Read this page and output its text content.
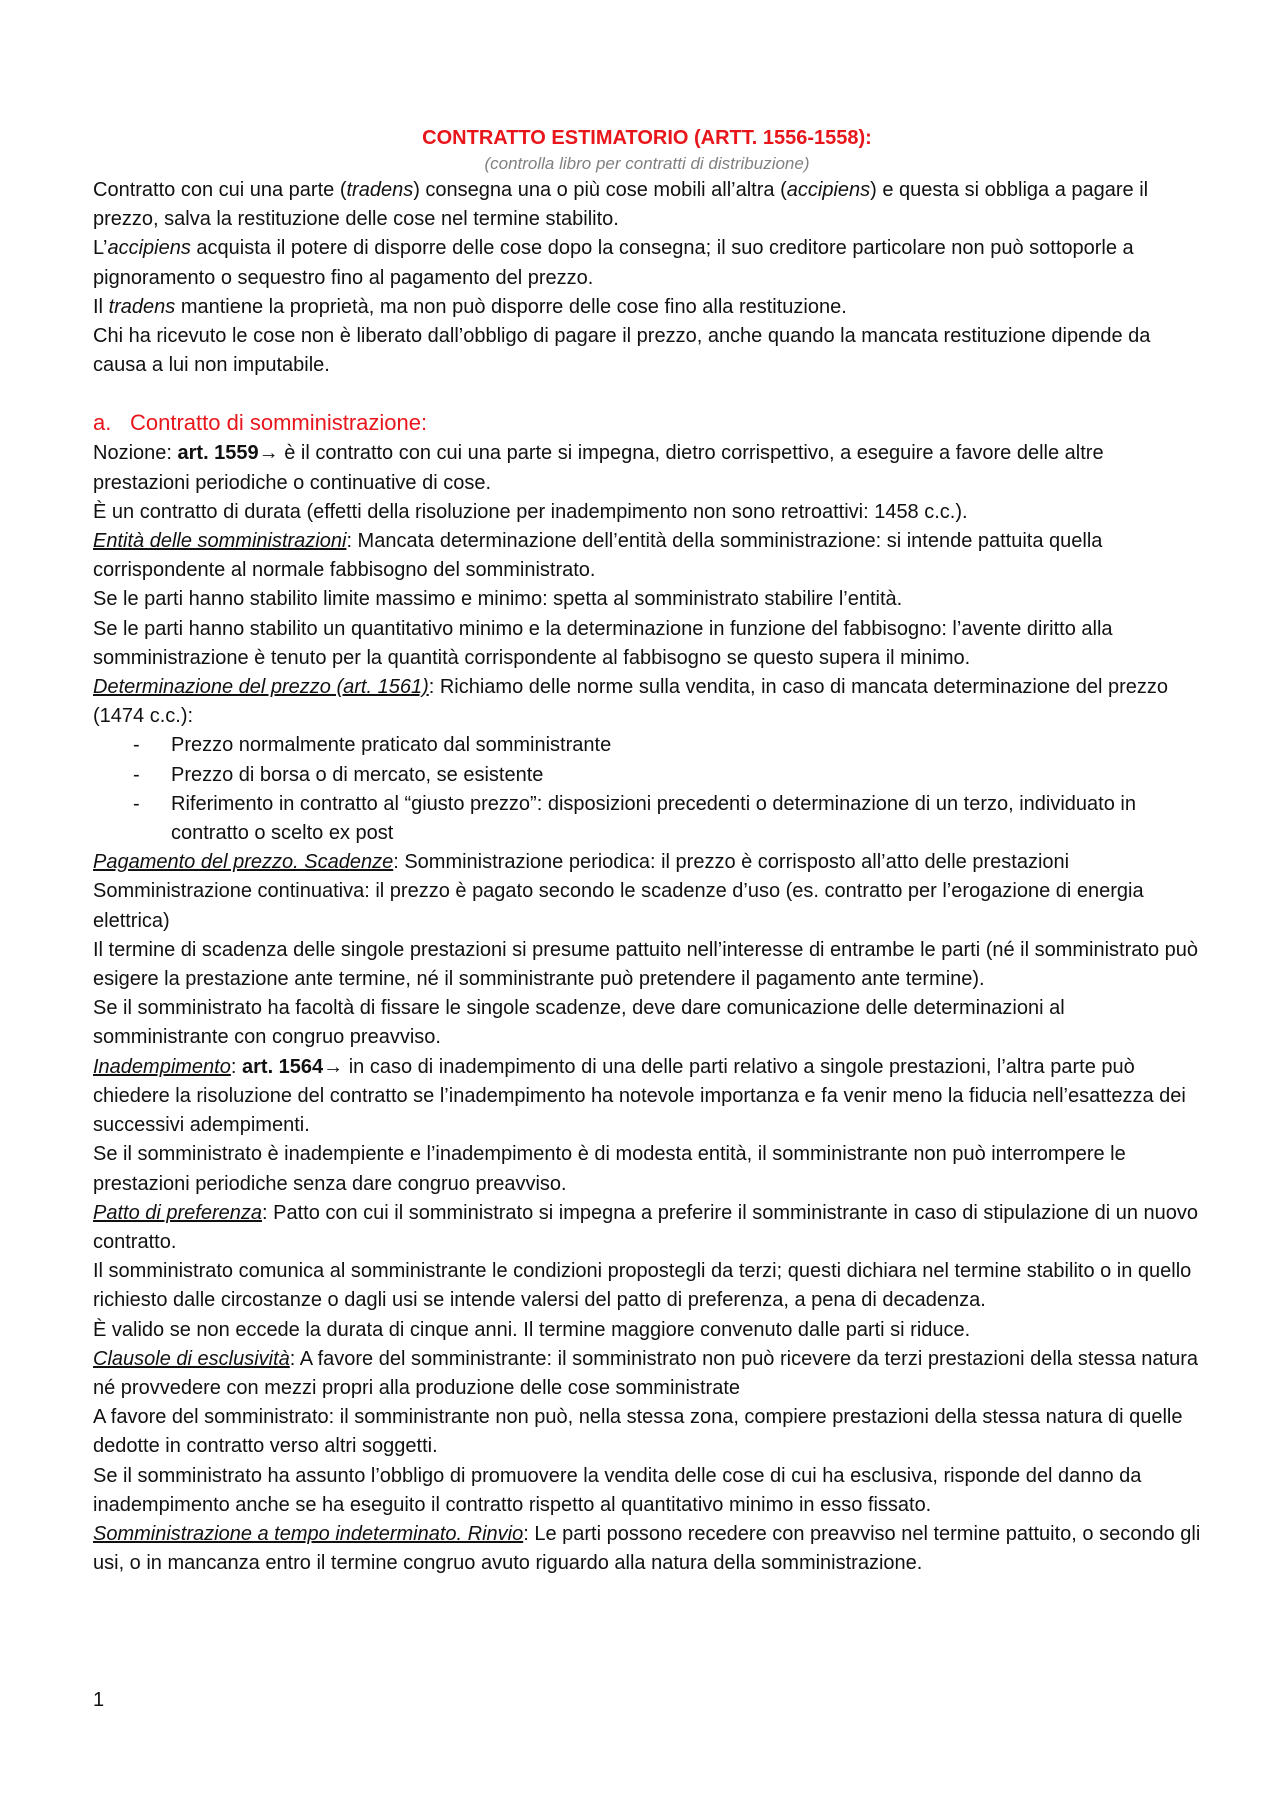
CONTRATTO ESTIMATORIO (ARTT. 1556-1558):
(controlla libro per contratti di distribuzione)

Contratto con cui una parte (tradens) consegna una o più cose mobili all’altra (accipiens) e questa si obbliga a pagare il prezzo, salva la restituzione delle cose nel termine stabilito.

L’accipiens acquista il potere di disporre delle cose dopo la consegna; il suo creditore particolare non può sottoporle a pignoramento o sequestro fino al pagamento del prezzo.

Il tradens mantiene la proprietà, ma non può disporre delle cose fino alla restituzione.

Chi ha ricevuto le cose non è liberato dall’obbligo di pagare il prezzo, anche quando la mancata restituzione dipende da causa a lui non imputabile.

a. Contratto di somministrazione:

Nozione: art. 1559→ è il contratto con cui una parte si impegna, dietro corrispettivo, a eseguire a favore delle altre prestazioni periodiche o continuative di cose.

È un contratto di durata (effetti della risoluzione per inadempimento non sono retroattivi: 1458 c.c.).

Entità delle somministrazioni: Mancata determinazione dell’entità della somministrazione: si intende pattuita quella corrispondente al normale fabbisogno del somministrato.

Se le parti hanno stabilito limite massimo e minimo: spetta al somministrato stabilire l’entità.

Se le parti hanno stabilito un quantitativo minimo e la determinazione in funzione del fabbisogno: l’avente diritto alla somministrazione è tenuto per la quantità corrispondente al fabbisogno se questo supera il minimo.

Determinazione del prezzo (art. 1561): Richiamo delle norme sulla vendita, in caso di mancata determinazione del prezzo (1474 c.c.):

- Prezzo normalmente praticato dal somministrante
- Prezzo di borsa o di mercato, se esistente
- Riferimento in contratto al “giusto prezzo”: disposizioni precedenti o determinazione di un terzo, individuato in contratto o scelto ex post

Pagamento del prezzo. Scadenze: Somministrazione periodica: il prezzo è corrisposto all’atto delle prestazioni

Somministrazione continuativa: il prezzo è pagato secondo le scadenze d’uso (es. contratto per l’erogazione di energia elettrica)

Il termine di scadenza delle singole prestazioni si presume pattuito nell’interesse di entrambe le parti (né il somministrato può esigere la prestazione ante termine, né il somministrante può pretendere il pagamento ante termine).

Se il somministrato ha facoltà di fissare le singole scadenze, deve dare comunicazione delle determinazioni al somministrante con congruo preavviso.

Inadempimento: art. 1564→ in caso di inadempimento di una delle parti relativo a singole prestazioni, l’altra parte può chiedere la risoluzione del contratto se l’inadempimento ha notevole importanza e fa venir meno la fiducia nell’esattezza dei successivi adempimenti.

Se il somministrato è inadempiente e l’inadempimento è di modesta entità, il somministrante non può interrompere le prestazioni periodiche senza dare congruo preavviso.

Patto di preferenza: Patto con cui il somministrato si impegna a preferire il somministrante in caso di stipulazione di un nuovo contratto.

Il somministrato comunica al somministrante le condizioni propostegli da terzi; questi dichiara nel termine stabilito o in quello richiesto dalle circostanze o dagli usi se intende valersi del patto di preferenza, a pena di decadenza.

È valido se non eccede la durata di cinque anni. Il termine maggiore convenuto dalle parti si riduce.

Clausole di esclusività: A favore del somministrante: il somministrato non può ricevere da terzi prestazioni della stessa natura né provvedere con mezzi propri alla produzione delle cose somministrate

A favore del somministrato: il somministrante non può, nella stessa zona, compiere prestazioni della stessa natura di quelle dedotte in contratto verso altri soggetti.

Se il somministrato ha assunto l’obbligo di promuovere la vendita delle cose di cui ha esclusiva, risponde del danno da inadempimento anche se ha eseguito il contratto rispetto al quantitativo minimo in esso fissato.

Somministrazione a tempo indeterminato. Rinvio: Le parti possono recedere con preavviso nel termine pattuito, o secondo gli usi, o in mancanza entro il termine congruo avuto riguardo alla natura della somministrazione.

1
